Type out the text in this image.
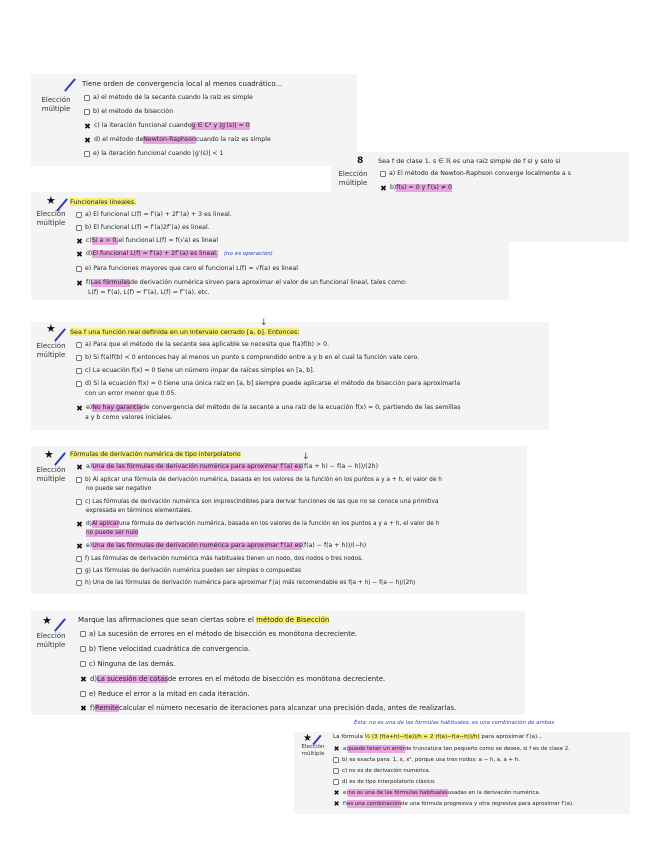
Elección
múltiple
Tiene orden de convergencia local al menos cuadrático...
a) el método de la secante cuando la raíz es simple
b) el método de bisección
✖ c) la iteración funcional cuando g ∈ C² y |g′(s)| = 0
✖ d) el método de Newton-Raphson cuando la raíz es simple
e) la iteración funcional cuando |g′(s)| < 1
8
Elección
múltiple
Sea f de clase 1. s ∈ ℝ es una raíz simple de f si y solo si
a) El método de Newton-Raphson converge localmente a s
✖ b) f(s) = 0 y f′(s) ≠ 0
★
Elección
múltiple
Funcionales lineales.
a) El funcional L(f) = f′(a) + 2f″(a) + 3 es lineal.
b) El funcional L(f) = f′(a)2f″(a) es lineal.
✖ c) Si a > 0, el funcional L(f) = f(√a) es lineal
✖ d) El funcional L(f) = f′(a) + 2f″(a) es lineal. (no es operación)
e) Para funciones mayores que cero el funcional L(f) = √f(a) es lineal
✖ f) Las fórmulas de derivación numérica sirven para aproximar el valor de un funcional lineal, tales como:
L(f) = f′(a), L(f) = f″(a), L(f) = f‴(a), etc.
★	↓
Elección
múltiple
Sea f una función real definida en un intervalo cerrado [a, b]. Entonces:
a) Para que el método de la secante sea aplicable se necesita que f(a)f(b) > 0.
b) Si f(a)f(b) < 0 entonces hay al menos un punto s comprendido entre a y b en el cual la función vale cero.
c) La ecuación f(x) = 0 tiene un número impar de raíces simples en [a, b].
d) Si la ecuación f(x) = 0 tiene una única raíz en [a, b] siempre puede aplicarse el método de bisección para aproximarla
con un error menor que 0.05.
✖ e) No hay garantía de convergencia del método de la secante a una raíz de la ecuación f(x) = 0, partiendo de las semillas
a y b como valores iniciales.
★	↓
Elección
múltiple
Fórmulas de derivación numérica de tipo interpolatorio
✖ a) Una de las fórmulas de derivación numérica para aproximar f′(a) es (f(a + h) − f(a − h))/(2h)
b) Al aplicar una fórmula de derivación numérica, basada en los valores de la función en los puntos a y a + h, el valor de h
no puede ser negativo
c) Las fórmulas de derivación numérica son imprescindibles para derivar funciones de las que no se conoce una primitiva
expresada en términos elementales.
✖ d) Al aplicar una fórmula de derivación numérica, basada en los valores de la función en los puntos a y a + h, el valor de h
no puede ser nulo
✖ e) Una de las fórmulas de derivación numérica para aproximar f′(a) es (f(a) − f(a + h))/(−h)
f) Las fórmulas de derivación numérica más habituales tienen un nodo, dos nodos o tres nodos.
g) Las fórmulas de derivación numérica pueden ser simples o compuestas
h) Una de las fórmulas de derivación numérica para aproximar f′(a) más recomendable es f(a + h) − f(a − h)/(2h)
★
Elección
múltiple
Marque las afirmaciones que sean ciertas sobre el método de Bisección
a) La sucesión de errores en el método de bisección es monótona decreciente.
b) Tiene velocidad cuadrática de convergencia.
c) Ninguna de las demás.
✖ d) La sucesión de cotas de errores en el método de bisección es monótona decreciente.
e) Reduce el error a la mitad en cada iteración.
✖ f) Remite calcular el número necesario de iteraciones para alcanzar una precisión dada, antes de realizarlas.
Ésta: no es una de las fórmulas habituales, es una combinación de ambas
★
Elección
múltiple
La fórmula ½ (3 (f(a+h)−f(a))/h + 2 (f(a)−f(a−h))/h) para aproximar f′(a)...
✖ a) puede tener un error de truncatura tan pequeño como se desee, si f es de clase 2.
b) es exacta para: 1, x, x², porque usa tres nodos: a − h, a, a + h.
c) no es de derivación numérica.
d) es de tipo interpolatorio clásico.
✖ e) no es una de las fórmulas habituales usadas en la derivación numérica.
✖ f) es una combinación de una fórmula progresiva y otra regresiva para aproximar f′(a).
